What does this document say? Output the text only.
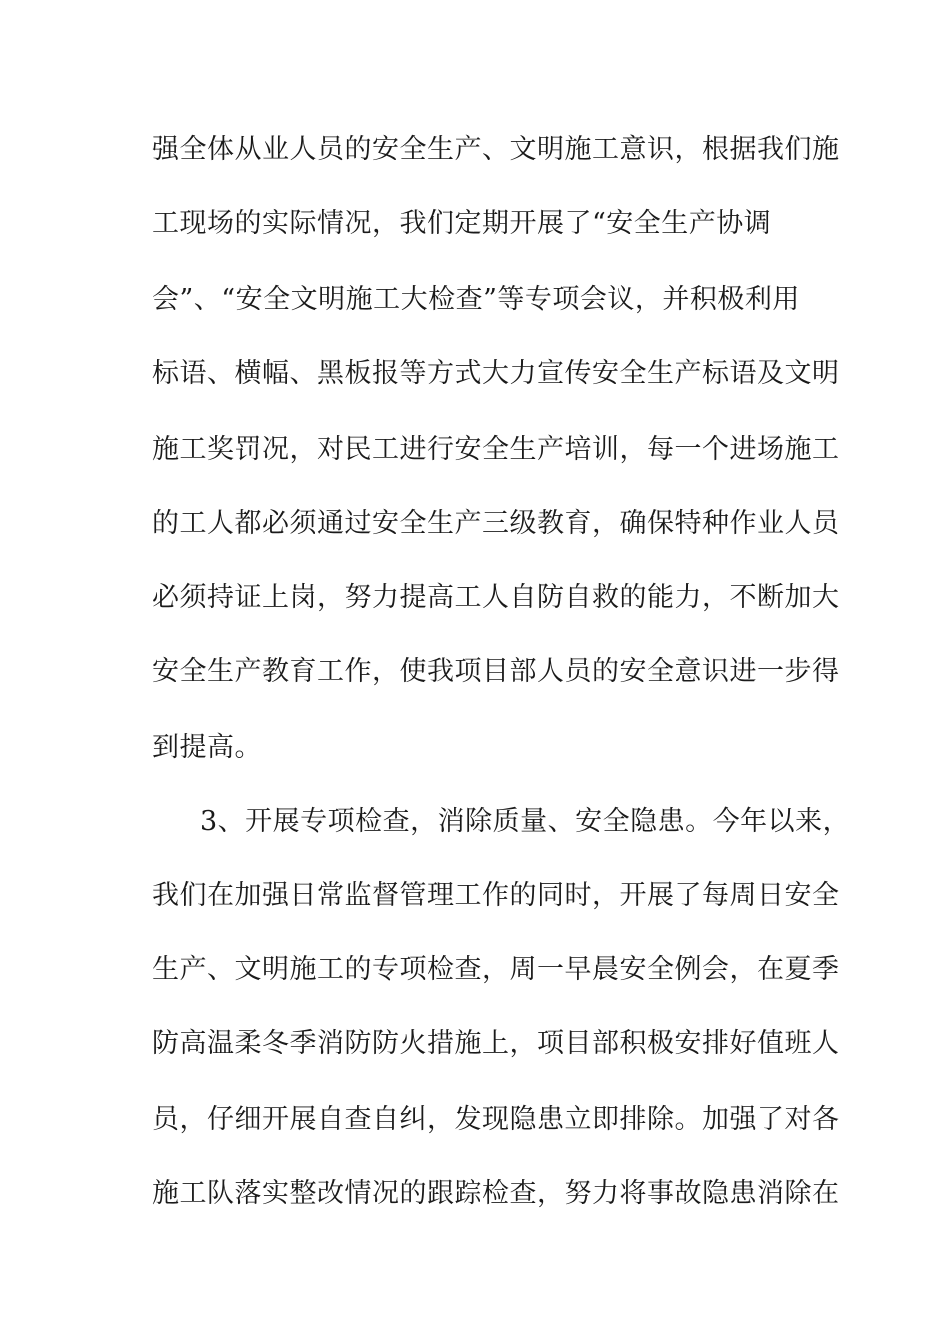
强全体从业人员的安全生产、文明施工意识，根据我们施
工现场的实际情况，我们定期开展了“安全生产协调
会”、“安全文明施工大检查”等专项会议，并积极利用
标语、横幅、黑板报等方式大力宣传安全生产标语及文明
施工奖罚况，对民工进行安全生产培训，每一个进场施工
的工人都必须通过安全生产三级教育，确保特种作业人员
必须持证上岗，努力提高工人自防自救的能力，不断加大
安全生产教育工作，使我项目部人员的安全意识进一步得
到提高。
3、开展专项检查，消除质量、安全隐患。今年以来，
我们在加强日常监督管理工作的同时，开展了每周日安全
生产、文明施工的专项检查，周一早晨安全例会，在夏季
防高温柔冬季消防防火措施上，项目部积极安排好值班人
员，仔细开展自查自纠，发现隐患立即排除。加强了对各
施工队落实整改情况的跟踪检查，努力将事故隐患消除在
